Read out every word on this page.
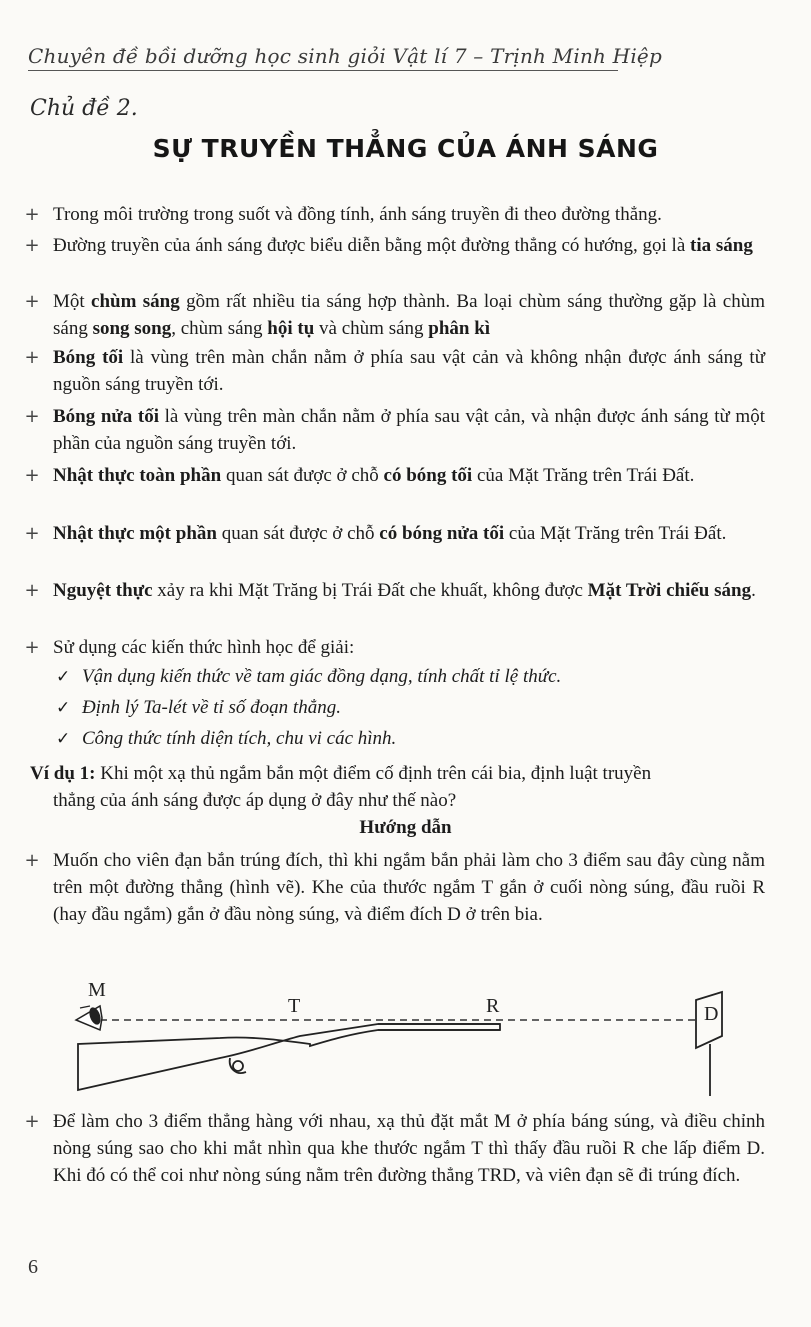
Chuyên đề bồi dưỡng học sinh giỏi Vật lí 7 – Trịnh Minh Hiệp
Chủ đề 2.
SỰ TRUYỀN THẲNG CỦA ÁNH SÁNG
+ Trong môi trường trong suốt và đồng tính, ánh sáng truyền đi theo đường thẳng.
+ Đường truyền của ánh sáng được biểu diễn bằng một đường thẳng có hướng, gọi là tia sáng
+ Một chùm sáng gồm rất nhiều tia sáng hợp thành. Ba loại chùm sáng thường gặp là chùm sáng song song, chùm sáng hội tụ và chùm sáng phân kì
+ Bóng tối là vùng trên màn chắn nằm ở phía sau vật cản và không nhận được ánh sáng từ nguồn sáng truyền tới.
+ Bóng nửa tối là vùng trên màn chắn nằm ở phía sau vật cản, và nhận được ánh sáng từ một phần của nguồn sáng truyền tới.
+ Nhật thực toàn phần quan sát được ở chỗ có bóng tối của Mặt Trăng trên Trái Đất.
+ Nhật thực một phần quan sát được ở chỗ có bóng nửa tối của Mặt Trăng trên Trái Đất.
+ Nguyệt thực xảy ra khi Mặt Trăng bị Trái Đất che khuất, không được Mặt Trời chiếu sáng.
+ Sử dụng các kiến thức hình học để giải:
✓ Vận dụng kiến thức về tam giác đồng dạng, tính chất tỉ lệ thức.
✓ Định lý Ta-lét về tỉ số đoạn thẳng.
✓ Công thức tính diện tích, chu vi các hình.
Ví dụ 1: Khi một xạ thủ ngắm bắn một điểm cố định trên cái bia, định luật truyền
thẳng của ánh sáng được áp dụng ở đây như thế nào?
Hướng dẫn
+ Muốn cho viên đạn bắn trúng đích, thì khi ngắm bắn phải làm cho 3 điểm sau đây cùng nằm trên một đường thẳng (hình vẽ). Khe của thước ngắm T gắn ở cuối nòng súng, đầu ruồi R (hay đầu ngắm) gắn ở đầu nòng súng, và điểm đích D ở trên bia.
M
T	R	D
+ Để làm cho 3 điểm thẳng hàng với nhau, xạ thủ đặt mắt M ở phía báng súng, và điều chỉnh nòng súng sao cho khi mắt nhìn qua khe thước ngắm T thì thấy đầu ruồi R che lấp điểm D. Khi đó có thể coi như nòng súng nằm trên đường thẳng TRD, và viên đạn sẽ đi trúng đích.
6
